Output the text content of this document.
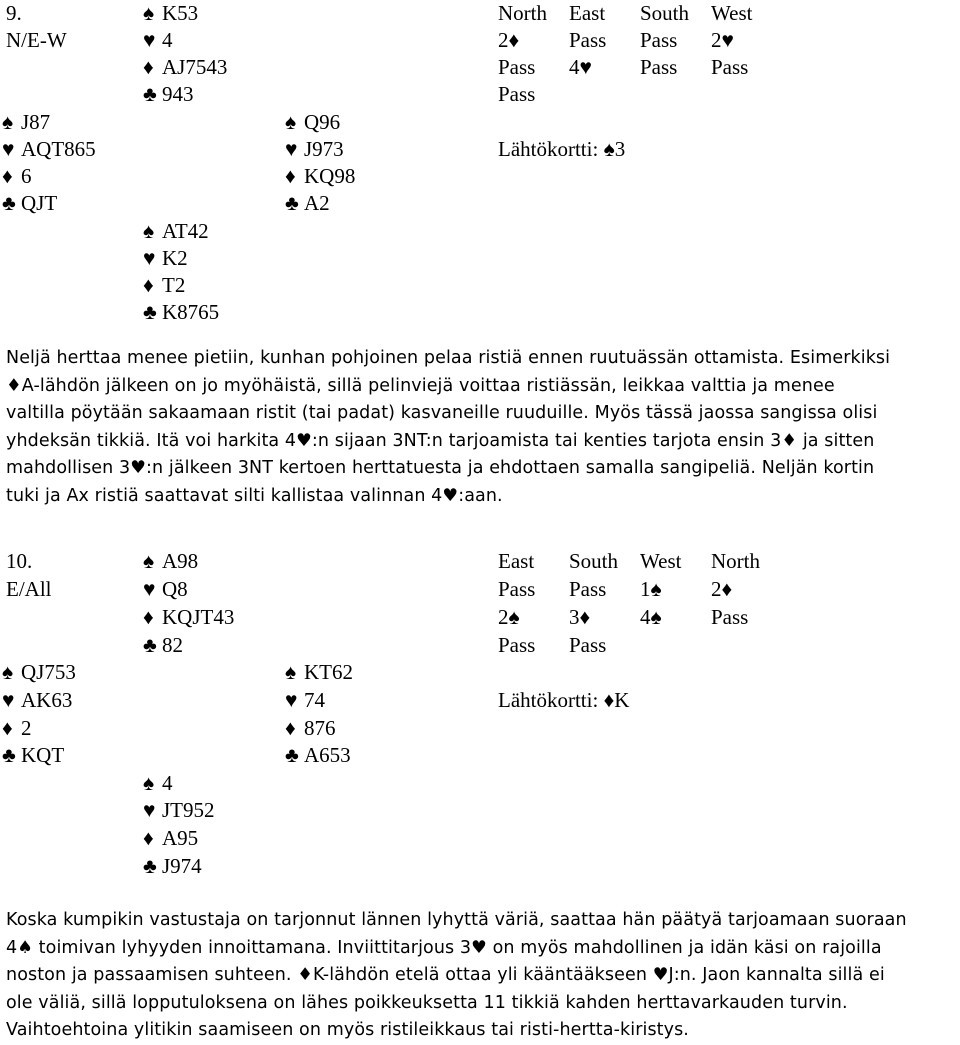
9.
N/E-W
♠ K53
♥ 4
♦ AJ7543
♣ 943
♠ J87
♥ AQT865
♦ 6
♣ QJT
♠ Q96
♥ J973
♦ KQ98
♣ A2
♠ AT42
♥ K2
♦ T2
♣ K8765
North East South West
2♦ Pass Pass 2♥
Pass 4♥ Pass Pass
Pass
Lähtökortti: ♠3
Neljä herttaa menee pietiin, kunhan pohjoinen pelaa ristiä ennen ruutuässän ottamista. Esimerkiksi
♦A-lähdön jälkeen on jo myöhäistä, sillä pelinviejä voittaa ristiässän, leikkaa valttia ja menee
valtilla pöytään sakaamaan ristit (tai padat) kasvaneille ruuduille. Myös tässä jaossa sangissa olisi
yhdeksän tikkiä. Itä voi harkita 4♥:n sijaan 3NT:n tarjoamista tai kenties tarjota ensin 3♦ ja sitten
mahdollisen 3♥:n jälkeen 3NT kertoen herttatuesta ja ehdottaen samalla sangipeliä. Neljän kortin
tuki ja Ax ristiä saattavat silti kallistaa valinnan 4♥:aan.
10.
E/All
♠ A98
♥ Q8
♦ KQJT43
♣ 82
♠ QJ753
♥ AK63
♦ 2
♣ KQT
♠ KT62
♥ 74
♦ 876
♣ A653
♠ 4
♥ JT952
♦ A95
♣ J974
East South West North
Pass Pass 1♠ 2♦
2♠ 3♦ 4♠ Pass
Pass Pass
Lähtökortti: ♦K
Koska kumpikin vastustaja on tarjonnut lännen lyhyttä väriä, saattaa hän päätyä tarjoamaan suoraan
4♠ toimivan lyhyyden innoittamana. Inviittitarjous 3♥ on myös mahdollinen ja idän käsi on rajoilla
noston ja passaamisen suhteen. ♦K-lähdön etelä ottaa yli kääntääkseen ♥J:n. Jaon kannalta sillä ei
ole väliä, sillä lopputuloksena on lähes poikkeuksetta 11 tikkiä kahden herttavarkauden turvin.
Vaihtoehtoina ylitikin saamiseen on myös ristileikkaus tai risti-hertta-kiristys.
